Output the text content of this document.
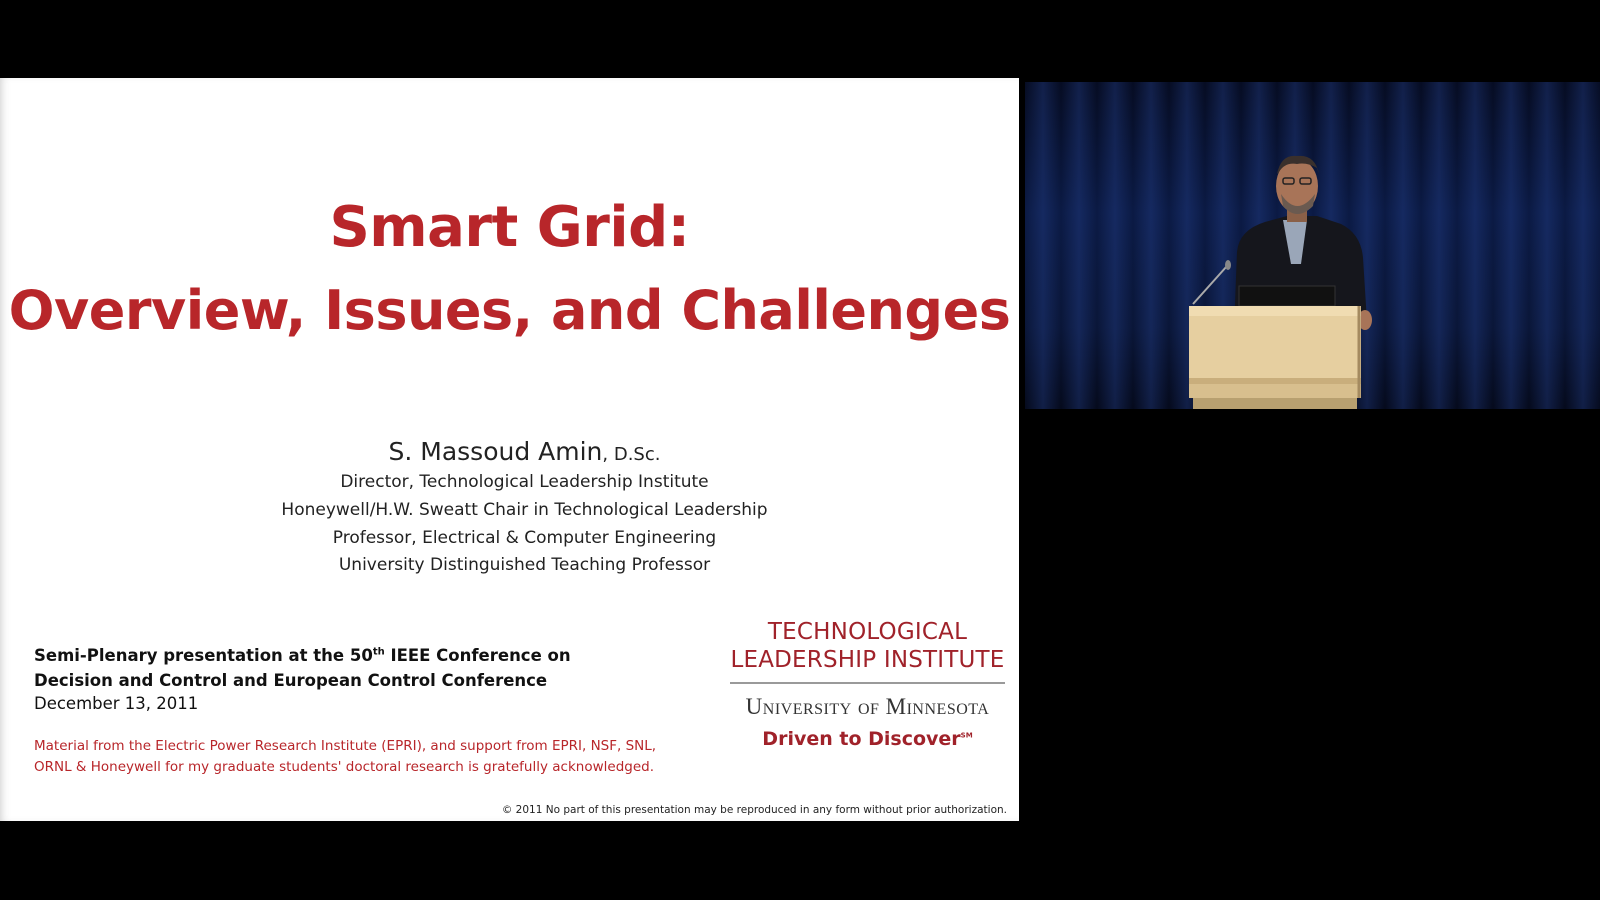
Smart Grid:
Overview, Issues, and Challenges
S. Massoud Amin, D.Sc.
Director, Technological Leadership Institute
Honeywell/H.W. Sweatt Chair in Technological Leadership
Professor, Electrical & Computer Engineering
University Distinguished Teaching Professor
Semi-Plenary presentation at the 50th IEEE Conference on Decision and Control and European Control Conference
December 13, 2011
Material from the Electric Power Research Institute (EPRI), and support from EPRI, NSF, SNL, ORNL & Honeywell for my graduate students' doctoral research is gratefully acknowledged.
TECHNOLOGICAL
LEADERSHIP INSTITUTE
University of Minnesota
Driven to Discover℠
© 2011 No part of this presentation may be reproduced in any form without prior authorization.
